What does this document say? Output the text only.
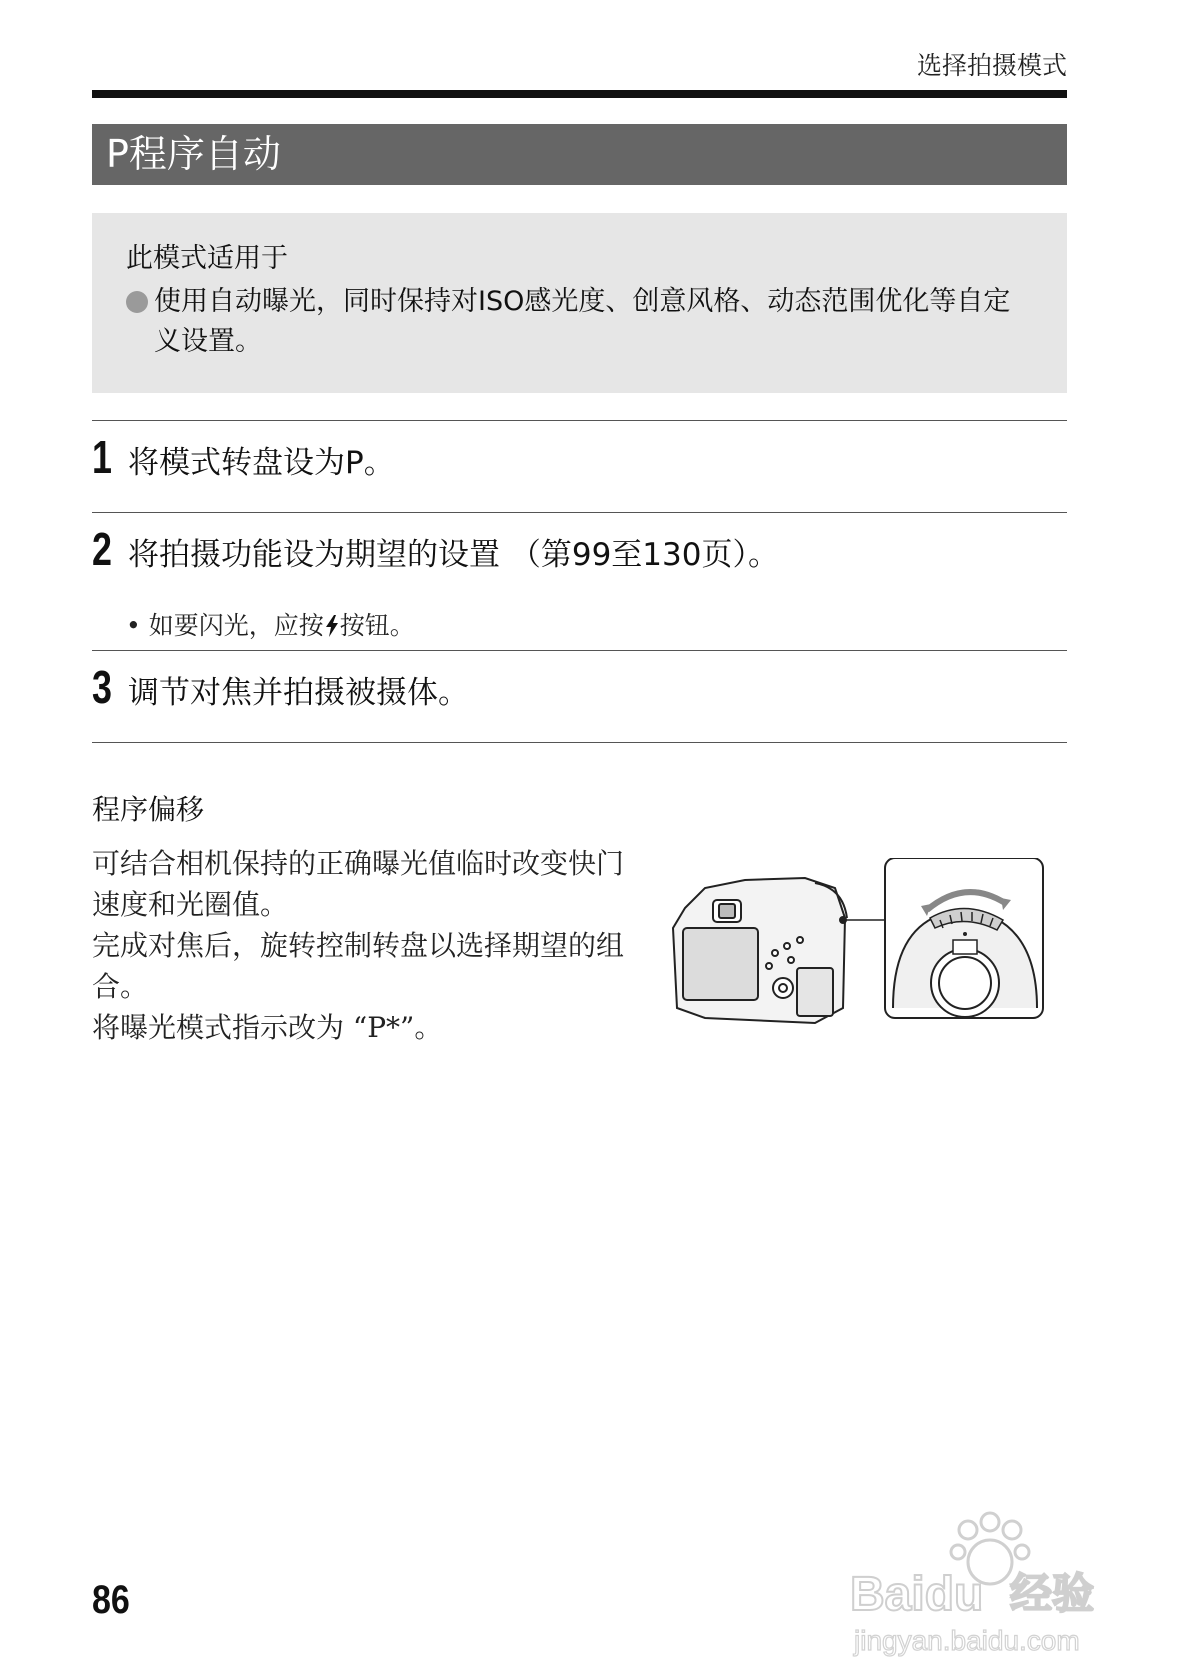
选择拍摄模式
P程序自动
此模式适用于
使用自动曝光，同时保持对ISO感光度、创意风格、动态范围优化等自定义设置。
1 将模式转盘设为P。
2 将拍摄功能设为期望的设置 （第99至130页）。
• 如要闪光，应按 按钮。
3 调节对焦并拍摄被摄体。
程序偏移

可结合相机保持的正确曝光值临时改变快门速度和光圈值。

完成对焦后，旋转控制转盘以选择期望的组合。

将曝光模式指示改为 “P*”。

86	Baidu 经验
jingyan.baidu.com
